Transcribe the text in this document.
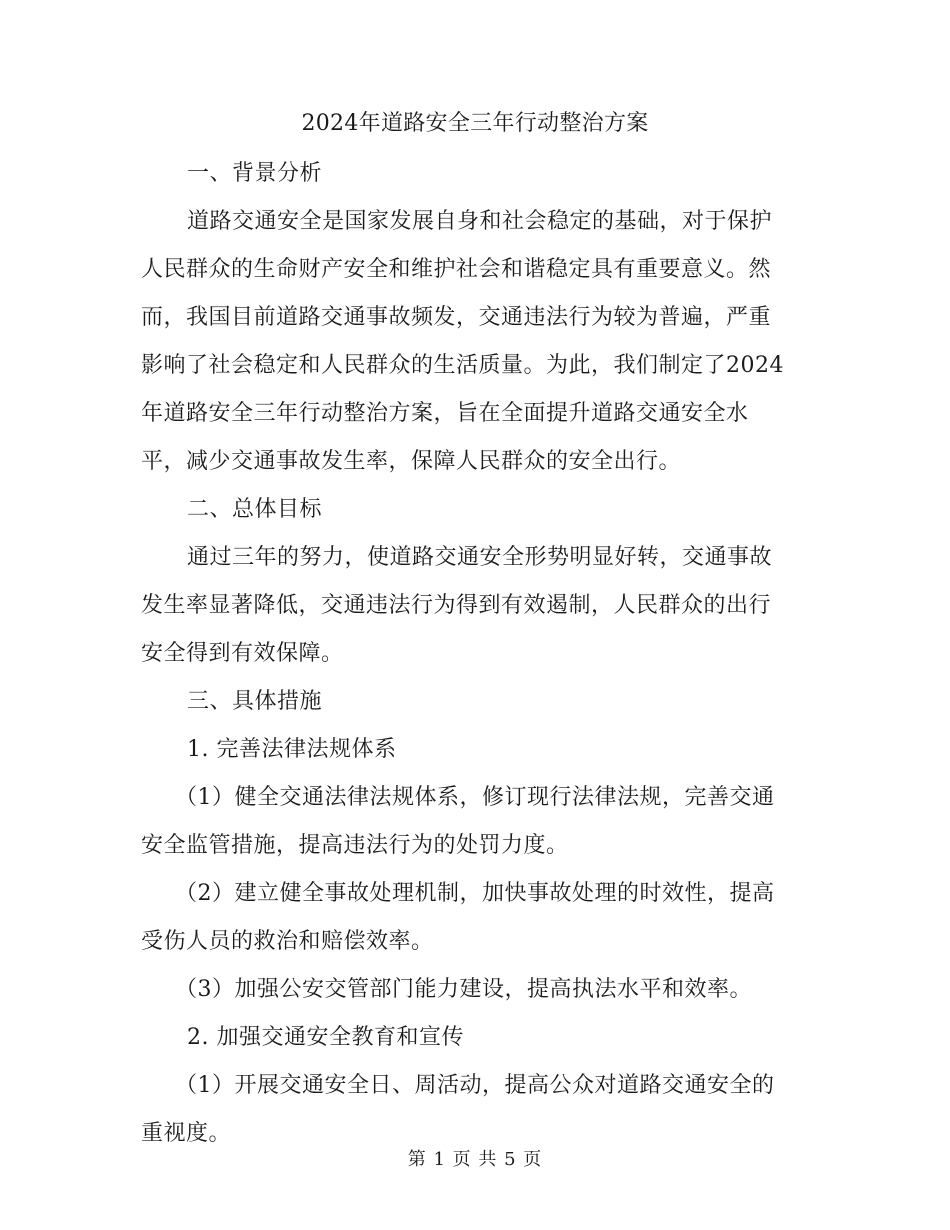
2024年道路安全三年行动整治方案
一、背景分析
道路交通安全是国家发展自身和社会稳定的基础，对于保护
人民群众的生命财产安全和维护社会和谐稳定具有重要意义。然
而，我国目前道路交通事故频发，交通违法行为较为普遍，严重
影响了社会稳定和人民群众的生活质量。为此，我们制定了2024
年道路安全三年行动整治方案，旨在全面提升道路交通安全水
平，减少交通事故发生率，保障人民群众的安全出行。
二、总体目标
通过三年的努力，使道路交通安全形势明显好转，交通事故
发生率显著降低，交通违法行为得到有效遏制，人民群众的出行
安全得到有效保障。
三、具体措施
1. 完善法律法规体系
（1）健全交通法律法规体系，修订现行法律法规，完善交通
安全监管措施，提高违法行为的处罚力度。
（2）建立健全事故处理机制，加快事故处理的时效性，提高
受伤人员的救治和赔偿效率。
（3）加强公安交管部门能力建设，提高执法水平和效率。
2. 加强交通安全教育和宣传
（1）开展交通安全日、周活动，提高公众对道路交通安全的
重视度。
第 1 页 共 5 页
